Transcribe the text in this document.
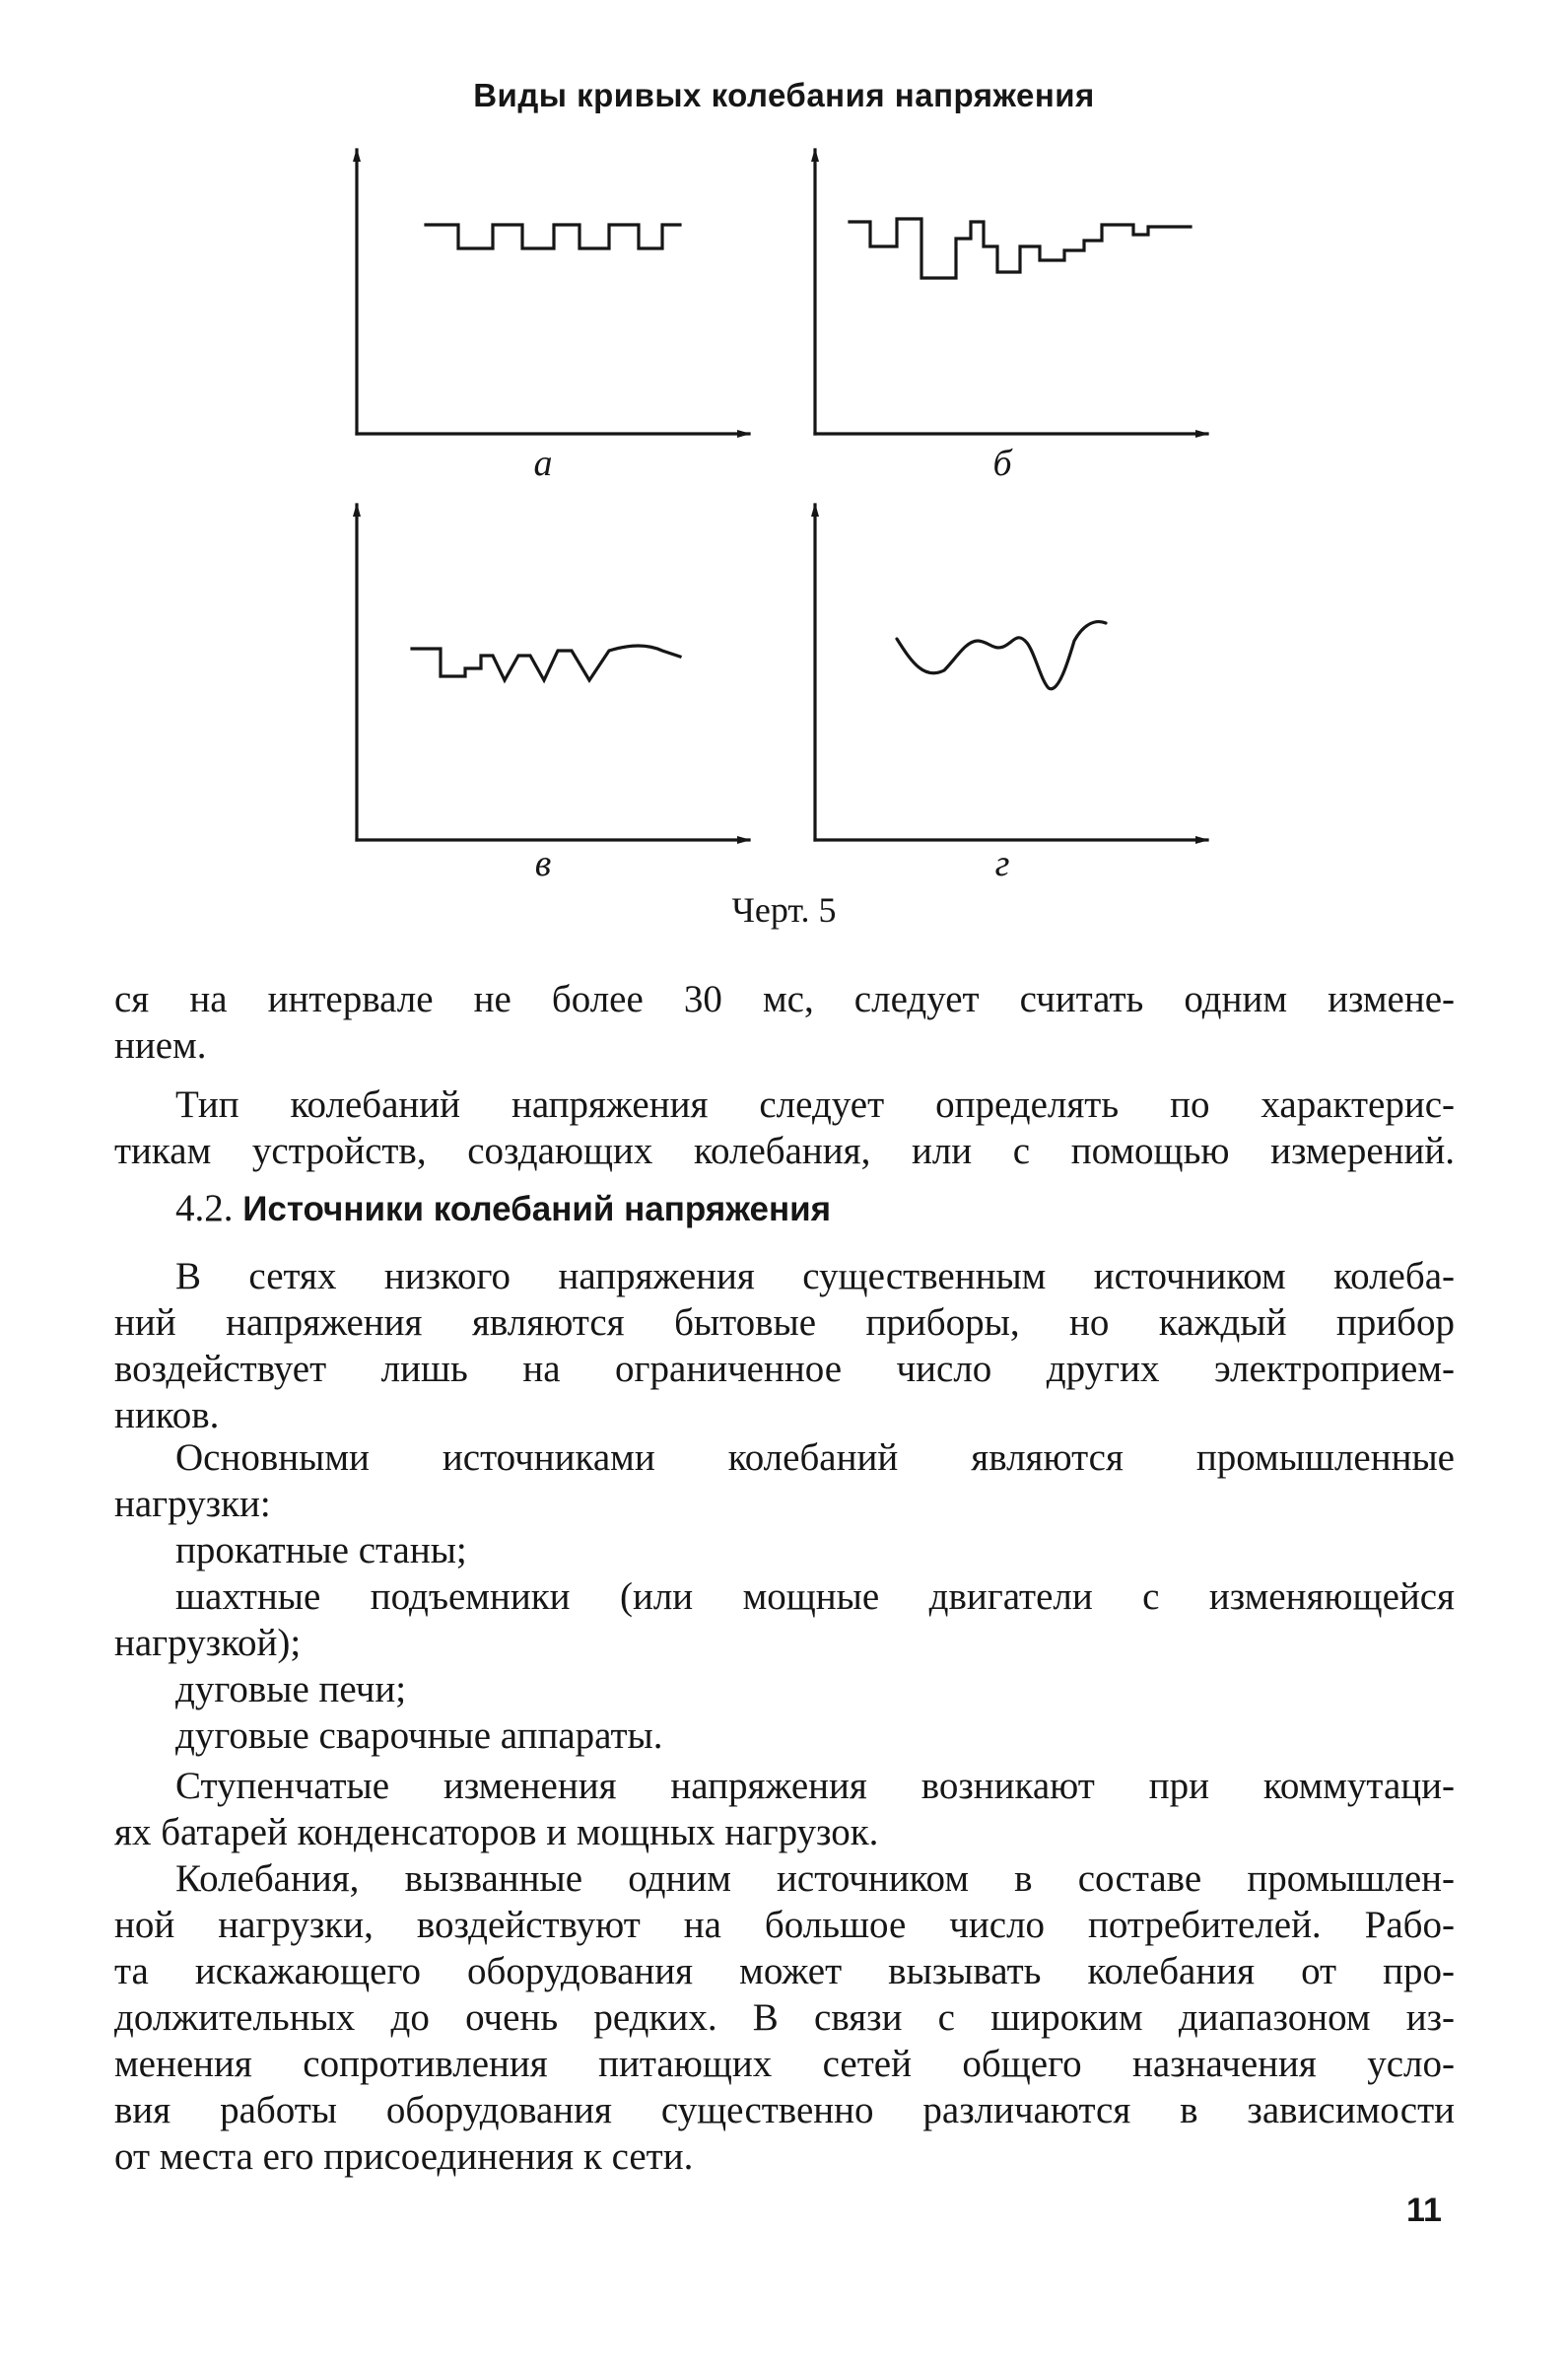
Виды кривых колебания напряжения
а	б
в	г
Черт. 5

ся на интервале не более 30 мс, следует считать одним измене-

нием.

Тип колебаний напряжения следует определять по характерис-

тикам устройств, создающих колебания, или с помощью измерений.

4.2. Источники колебаний напряжения

В сетях низкого напряжения существенным источником колеба-

ний напряжения являются бытовые приборы, но каждый прибор

воздействует лишь на ограниченное число других электроприем-

ников.

Основными источниками колебаний являются промышленные

нагрузки:

прокатные станы;

шахтные подъемники (или мощные двигатели с изменяющейся

нагрузкой);

дуговые печи;

дуговые сварочные аппараты.

Ступенчатые изменения напряжения возникают при коммутаци-

ях батарей конденсаторов и мощных нагрузок.

Колебания, вызванные одним источником в составе промышлен-

ной нагрузки, воздействуют на большое число потребителей. Рабо-

та искажающего оборудования может вызывать колебания от про-

должительных до очень редких. В связи с широким диапазоном из-

менения сопротивления питающих сетей общего назначения усло-

вия работы оборудования существенно различаются в зависимости

от места его присоединения к сети.

11
